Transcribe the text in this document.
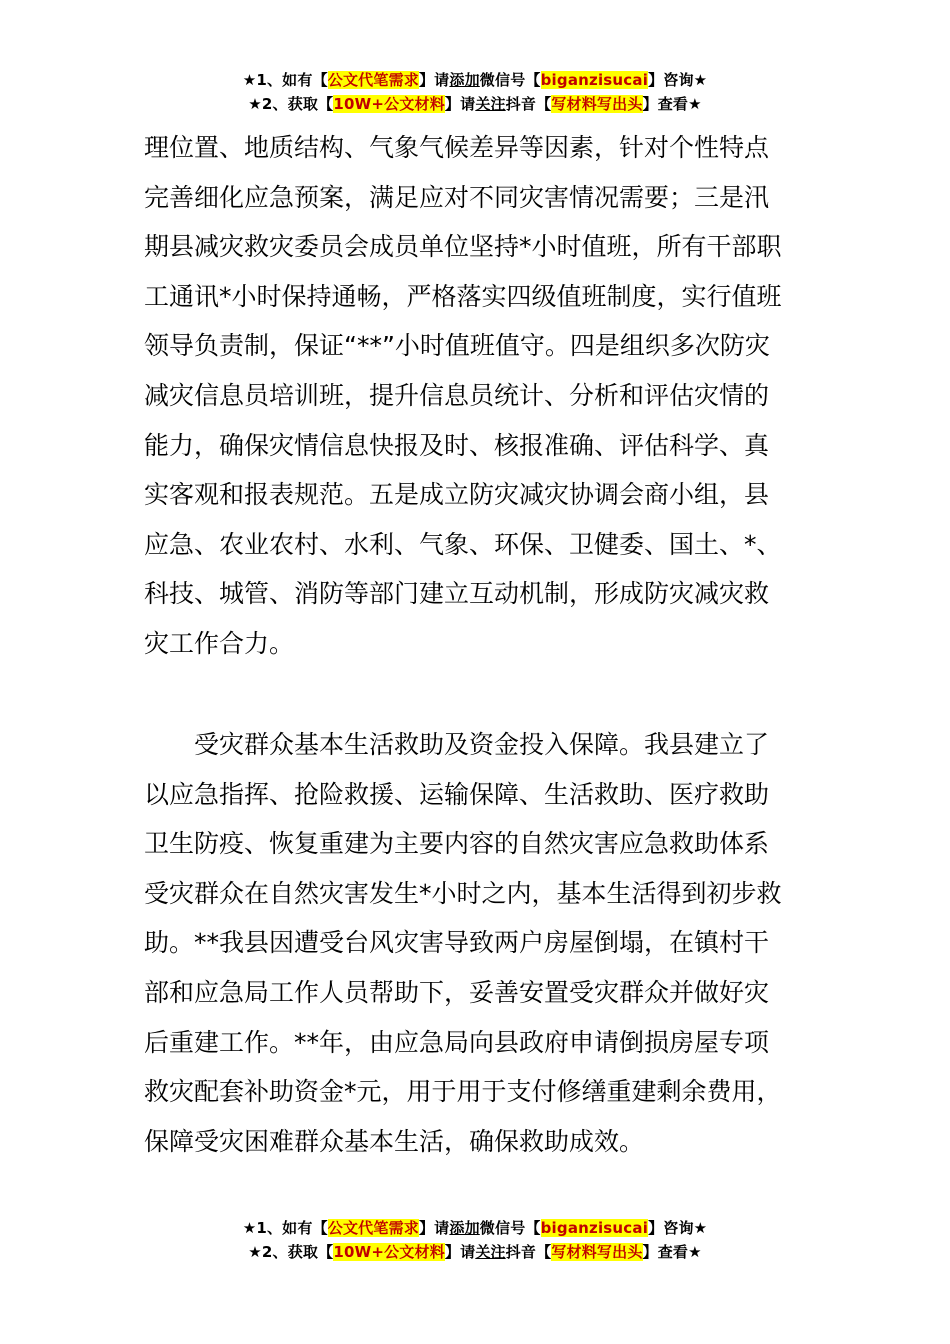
★1、如有【公文代笔需求】请添加微信号【biganzisucai】咨询★
★2、获取【10W+公文材料】请关注抖音【写材料写出头】查看★
理位置、地质结构、气象气候差异等因素，针对个性特点
完善细化应急预案，满足应对不同灾害情况需要；三是汛
期县减灾救灾委员会成员单位坚持*小时值班，所有干部职
工通讯*小时保持通畅，严格落实四级值班制度，实行值班
领导负责制，保证“**”小时值班值守。四是组织多次防灾
减灾信息员培训班，提升信息员统计、分析和评估灾情的
能力，确保灾情信息快报及时、核报准确、评估科学、真
实客观和报表规范。五是成立防灾减灾协调会商小组，县
应急、农业农村、水利、气象、环保、卫健委、国土、*、
科技、城管、消防等部门建立互动机制，形成防灾减灾救
灾工作合力。
受灾群众基本生活救助及资金投入保障。我县建立了
以应急指挥、抢险救援、运输保障、生活救助、医疗救助
卫生防疫、恢复重建为主要内容的自然灾害应急救助体系
受灾群众在自然灾害发生*小时之内，基本生活得到初步救
助。**我县因遭受台风灾害导致两户房屋倒塌，在镇村干
部和应急局工作人员帮助下，妥善安置受灾群众并做好灾
后重建工作。**年，由应急局向县政府申请倒损房屋专项
救灾配套补助资金*元，用于用于支付修缮重建剩余费用，
保障受灾困难群众基本生活，确保救助成效。
★1、如有【公文代笔需求】请添加微信号【biganzisucai】咨询★
★2、获取【10W+公文材料】请关注抖音【写材料写出头】查看★
